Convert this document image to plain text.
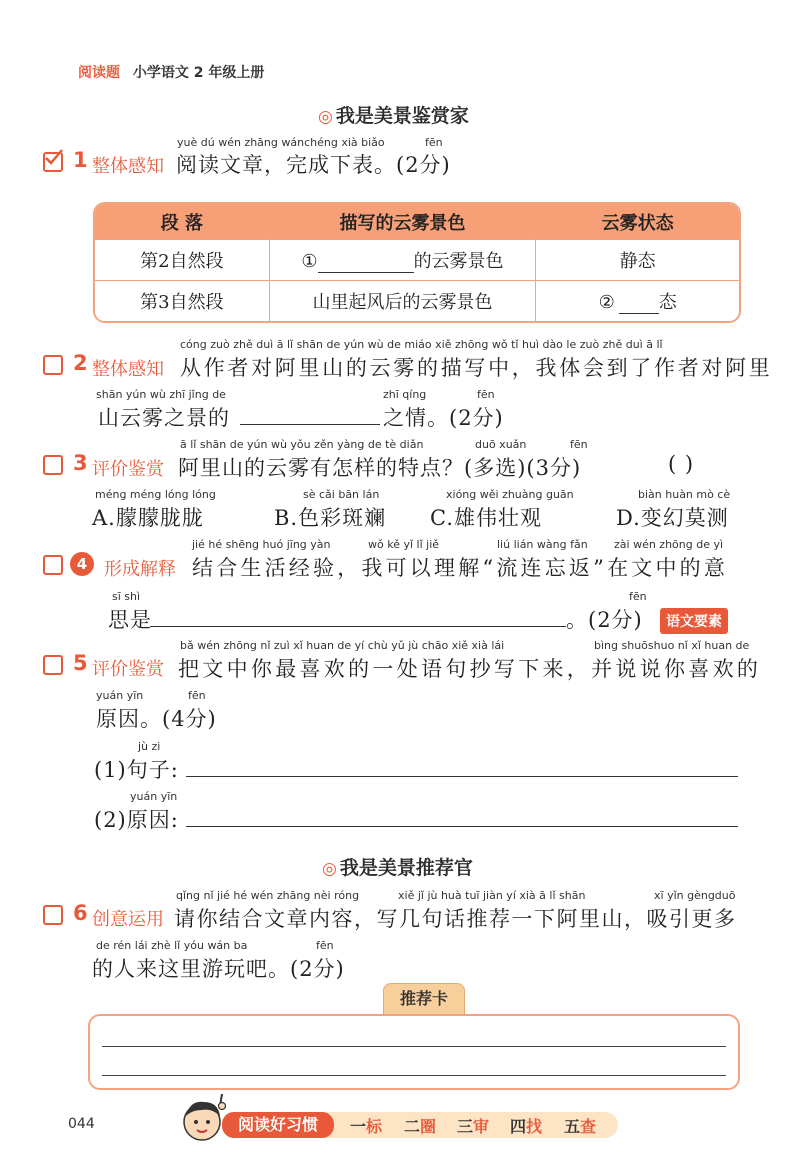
阅读题 小学语文 2 年级上册
◎ 我是美景鉴赏家
1 整体感知
yuè dú wén zhāng wánchéng xià biǎo	fēn
阅读文章，完成下表。(2分)
段 落	描写的云雾景色	云雾状态
第2自然段	① 的云雾景色	静态
第3自然段	山里起风后的云雾景色	② 态
2 整体感知
cóng zuò zhě duì ā lǐ shān de yún wù de miáo xiě zhōng wǒ tǐ huì dào le zuò zhě duì ā lǐ
从作者对阿里山的云雾的描写中，我体会到了作者对阿里
shān yún wù zhī jǐng de	zhī qíng	fēn
山云雾之景的	之情。(2分)
3 评价鉴赏
ā lǐ shān de yún wù yǒu zěn yàng de tè diǎn	duō xuǎn	fēn
阿里山的云雾有怎样的特点？(多选)(3分)	( )
méng méng lóng lóng
A.朦朦胧胧
sè cǎi bān lán
B.色彩斑斓
xióng wěi zhuàng guān
C.雄伟壮观
biàn huàn mò cè
D.变幻莫测
4 形成解释
jié hé shēng huó jīng yàn	wǒ kě yǐ lǐ jiě	liú lián wàng fǎn zài wén zhōng de yì
结合生活经验，我可以理解“流连忘返”在文中的意
sī shì	fēn
思是	。(2分)	语文要素
5 评价鉴赏
bǎ wén zhōng nǐ zuì xǐ huan de yí chù yǔ jù chāo xiě xià lái	bìng shuōshuo nǐ xǐ huan de
把文中你最喜欢的一处语句抄写下来，并说说你喜欢的
yuán yīn	fēn
原因。(4分)
jù zi
(1)句子:
yuán yīn
(2)原因:
◎ 我是美景推荐官
6 创意运用
qǐng nǐ jié hé wén zhāng nèi róng	xiě jǐ jù huà tuī jiàn yí xià ā lǐ shān	xī yǐn gèngduō
请你结合文章内容，写几句话推荐一下阿里山，吸引更多
de rén lái zhè lǐ yóu wán ba	fēn
的人来这里游玩吧。(2分)
推荐卡
044	阅读好习惯	一标 二圈 三审 四找 五查
